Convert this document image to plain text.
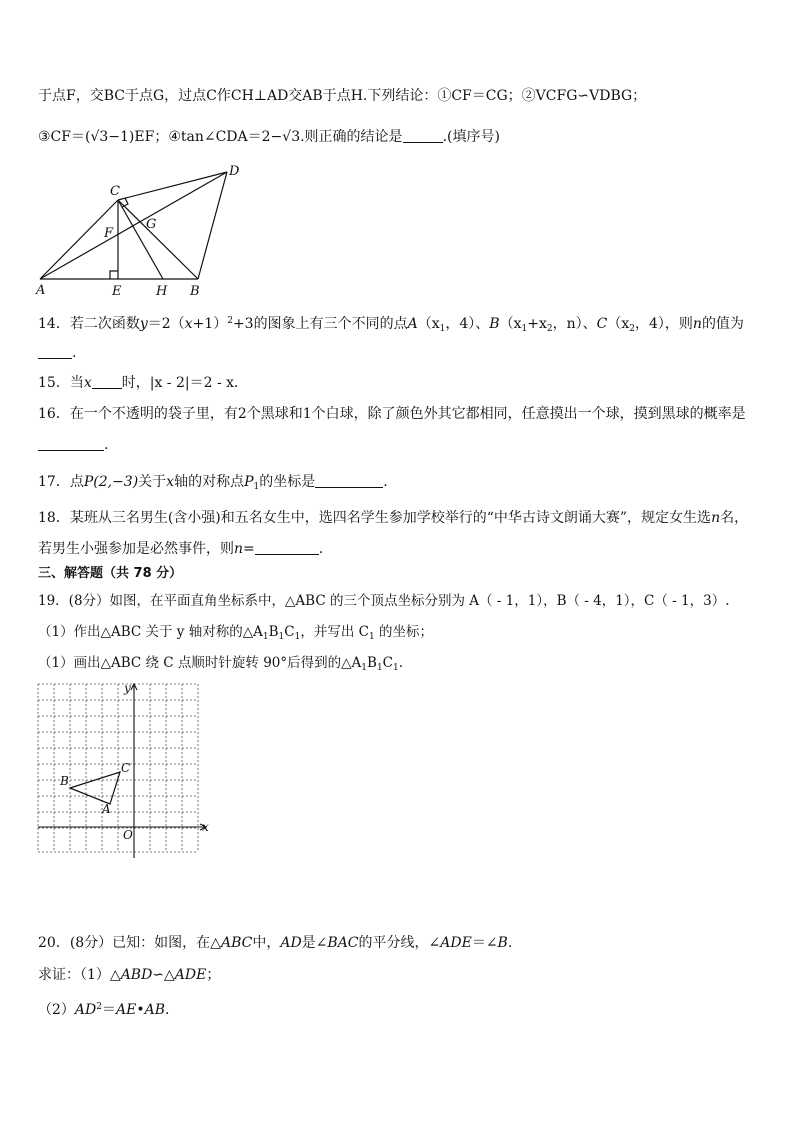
于点F，交BC于点G，过点C作CH⊥AD交AB于点H.下列结论：①CF＝CG；②VCFG∽VDBG；
③CF＝(√3−1)EF；④tan∠CDA＝2−√3.则正确的结论是	.(填序号)
C
D
F
G
A	E	H B
14．若二次函数$y=2(x+1)^2+3$的图象上有三个不同的点$A(x_1$，4）、$B(x_1+x_2$，n）、$C(x_2$，4），则n的值为
.
15．当x 时，|x - 2|＝2 - x．
16．在一个不透明的袋子里，有2个黑球和1个白球，除了颜色外其它都相同，任意摸出一个球，摸到黑球的概率是
.
17．点P(2,−3)关于x轴的对称点$P_1$的坐标是	.
18．某班从三名男生(含小强)和五名女生中，选四名学生参加学校举行的“中华古诗文朗诵大赛”，规定女生选n名，
若男生小强参加是必然事件，则n=	.
三、解答题（共 78 分）
19．(8分）如图，在平面直角坐标系中，△ABC 的三个顶点坐标分别为 A（ - 1，1），B（ - 4，1），C（ - 1，3）.
（1）作出△ABC 关于 y 轴对称的$\triangle A_1B_1C_1$，并写出 $C_1$ 的坐标；
（1）画出△ABC 绕 C 点顺时针旋转 90°后得到的$\triangle A_1B_1C_1$.
y
x
O
B
C
A
20．(8分）已知：如图，在△ABC中，AD是∠BAC的平分线，∠ADE＝∠B.
求证：（1）△ABD∽△ADE；
$(2)AD^2=AE•AB$.
